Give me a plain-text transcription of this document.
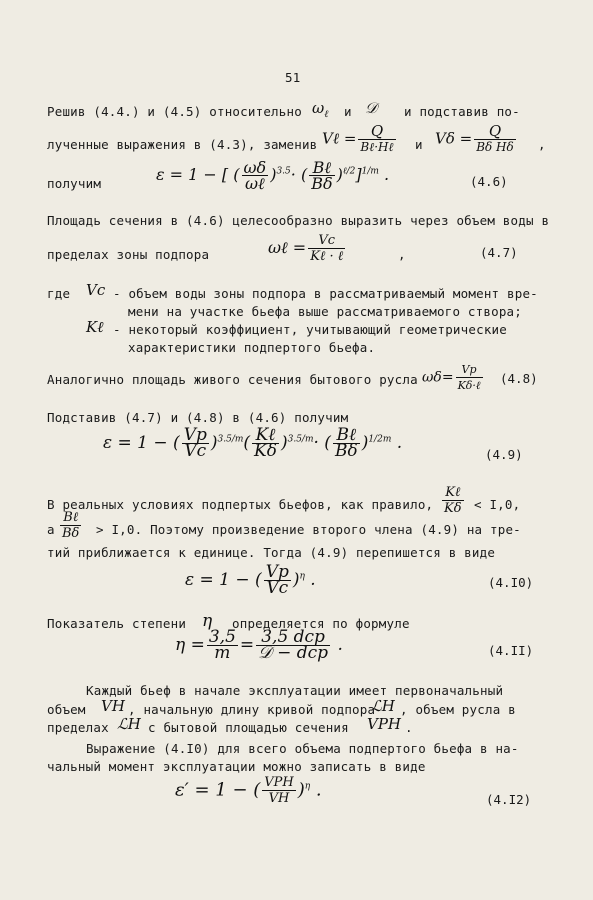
51
Решив (4.4.) и (4.5) относительно $\omega_\ell$ и 𝒟 и подставив по-
лученные выражения в (4.3), заменив Vℓ = $\frac{Q}{\text{Bℓ·Hℓ}}$ и $V\delta = \frac{Q}{\text{Bδ Hδ}}$ ,
получим	ε = 1 − [ ( $\frac{\omega\delta}{\text{ωℓ}} )^{3.5}\cdot$ ( $\frac{\text{Bℓ}}{B\delta} )^{\ell/2}]^{1/m}$ .	(4.6)
Площадь сечения в (4.6) целесообразно выразить через объем воды в
пределах зоны подпора	ωℓ = $\frac{Vc}{\text{Kℓ · ℓ}}$	,	(4.7)
где Vc - объем воды зоны подпора в рассматриваемый момент вре-
мени на участке бьефа выше рассматриваемого створа;
Kℓ - некоторый коэффициент, учитывающий геометрические
характеристики подпертого бьефа.
Аналогично площадь живого сечения бытового русла $\omega\delta= \frac{Vp}{\text{Kδ·ℓ}} (4.8)$
Подставив (4.7) и (4.8) в (4.6) получим
ε = 1 − ( $\frac{Vp}{Vc} )^{3.5/m}( \frac{\text{Kℓ}}{K\delta} )^{3.5/m}\cdot$ ( $\frac{\text{Bℓ}}{B\delta} )^{1/2m}$ .
(4.9)
В реальных условиях подпертых бьефов, как правило, $\frac{\text{Kℓ}}{K\delta} < I,0$,
а $\frac{\text{Bℓ}}{B\delta} > I,0$. Поэтому произведение второго члена (4.9) на тре-
тий приближается к единице. Тогда (4.9) перепишется в виде
ε = 1 − ( $\frac{Vp}{Vc} )^\eta$ .	(4.I0)
Показатель степени η определяется по формуле
$\eta = \frac{3,5}{m} = \frac{\text{3,5 dcp}}{\text{𝒟 − dcp}}$ .	(4.II)
Каждый бьеф в начале эксплуатации имеет первоначальный
объем VH , начальную длину кривой подпора
ℒH , объем русла в
пределах ℒH с бытовой площадью сечения VPH .
Выражение (4.I0) для всего объема подпертого бьефа в на-
чальный момент эксплуатации можно записать в виде
ε′ = 1 − ( $\frac{\text{VPH}}{VH} )^\eta$ .	(4.I2)
